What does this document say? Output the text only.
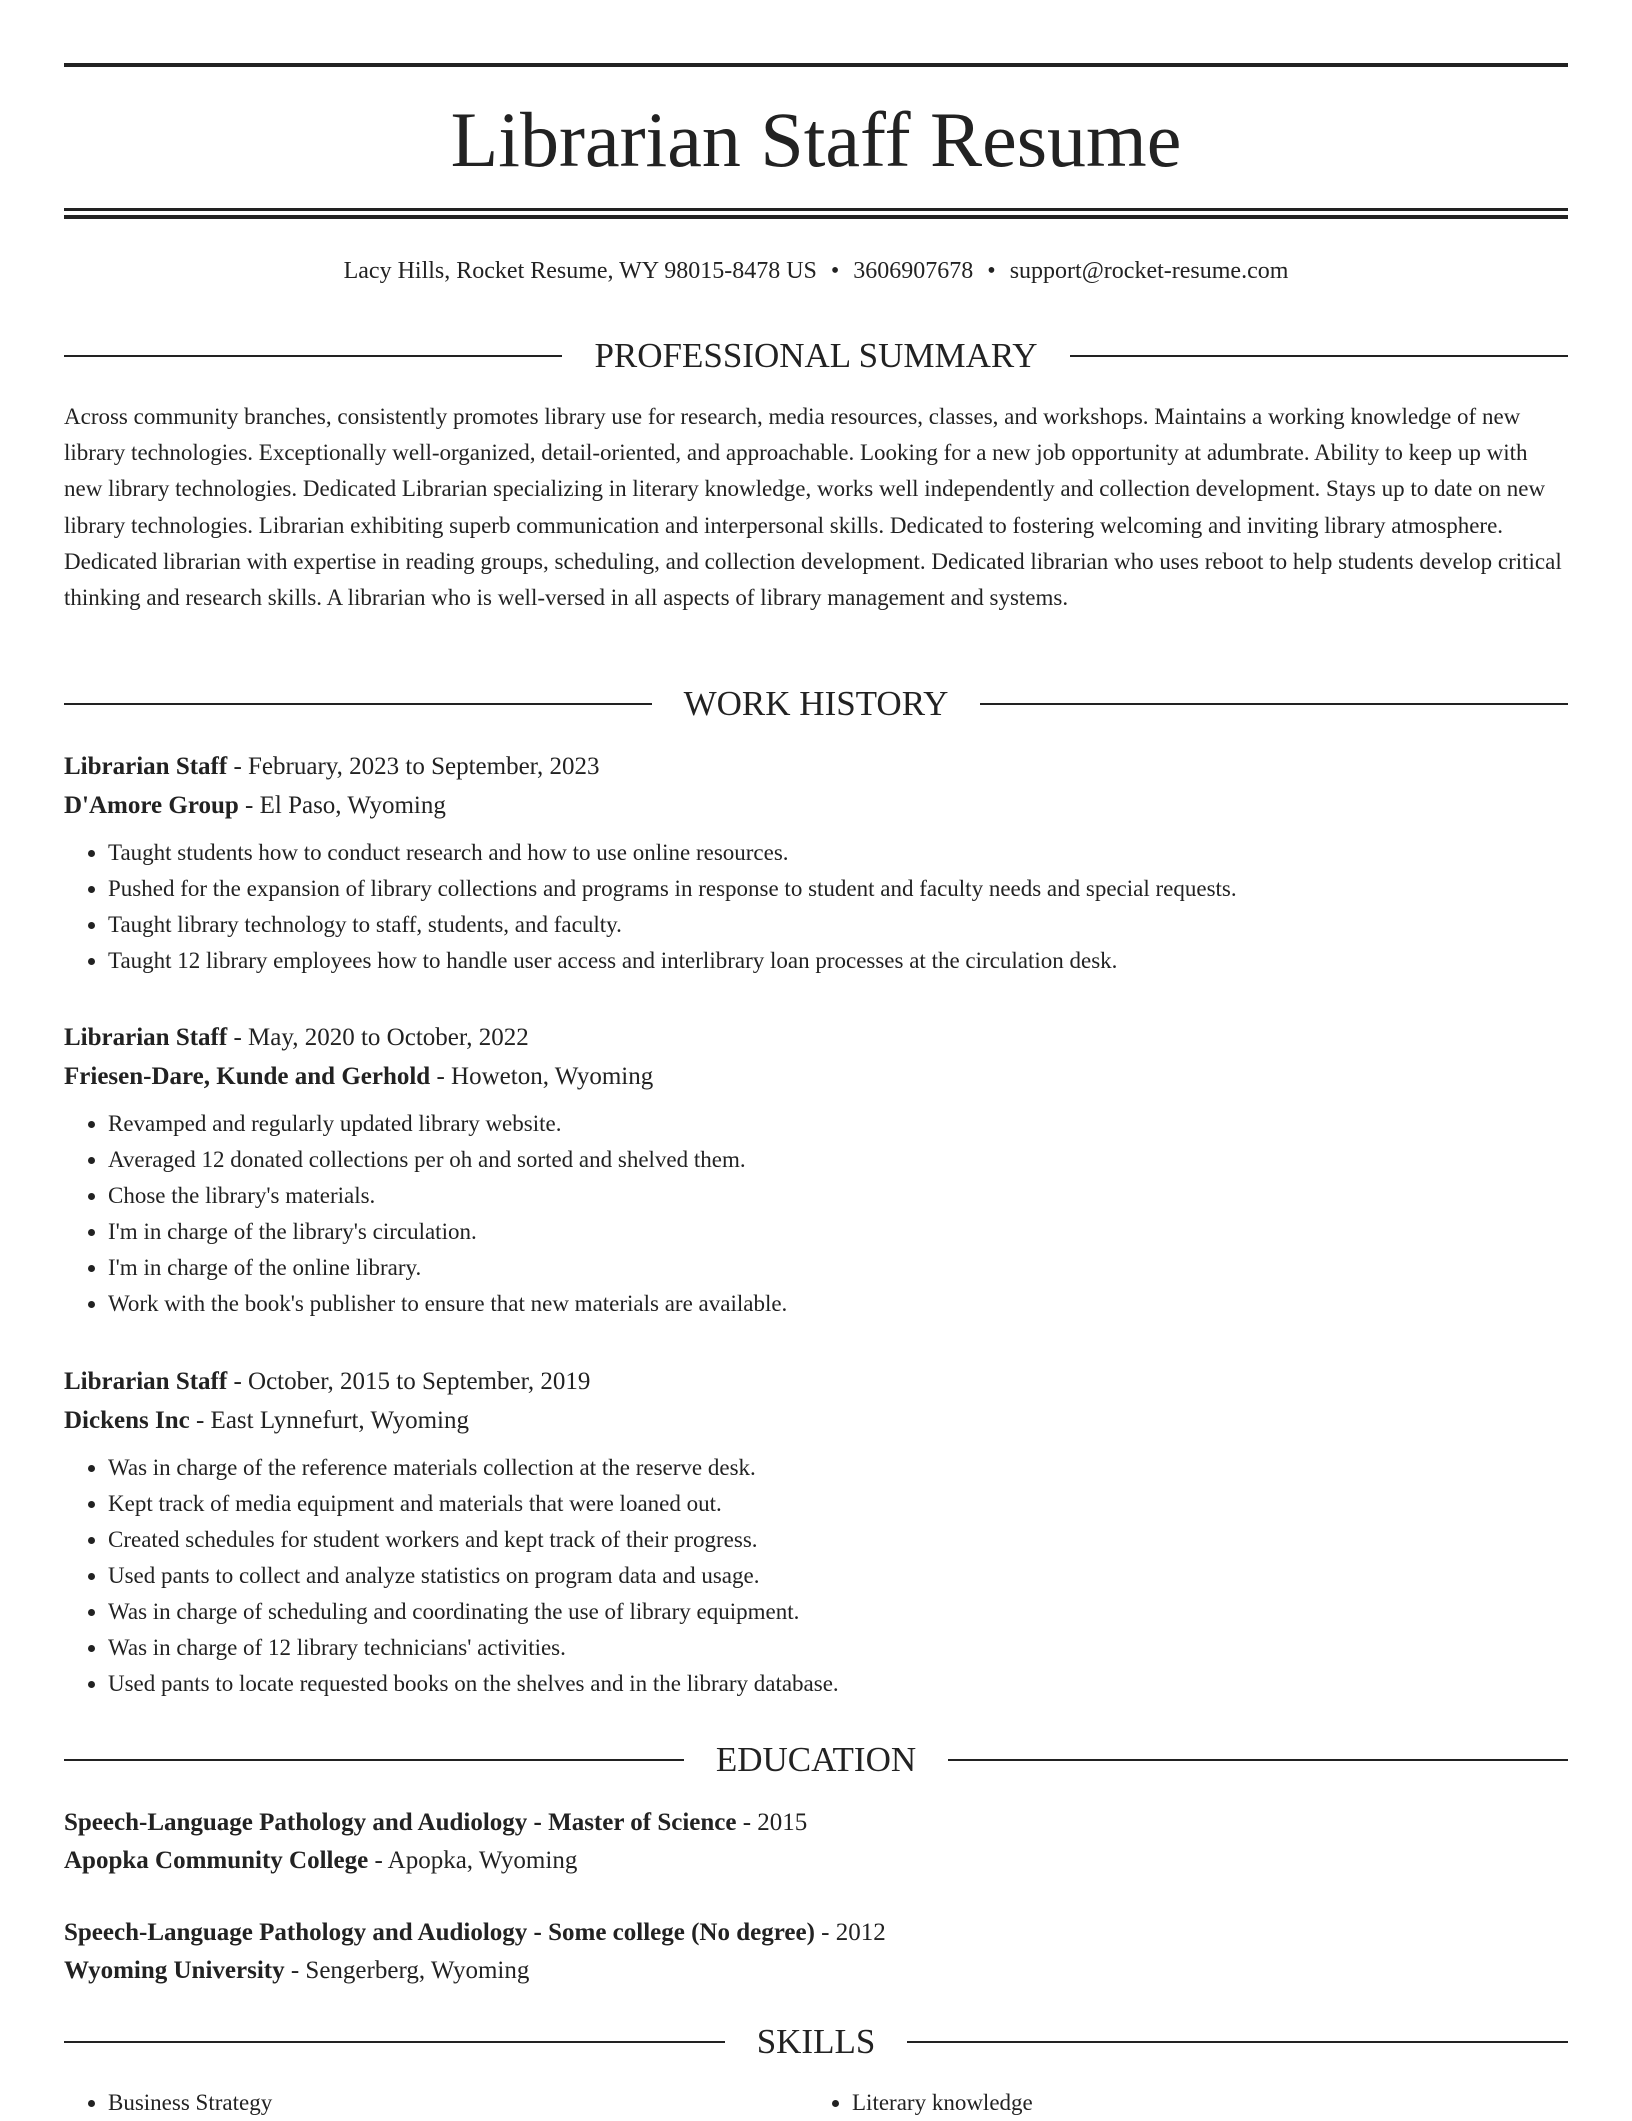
Librarian Staff Resume
Lacy Hills, Rocket Resume, WY 98015-8478 US • 3606907678 • support@rocket-resume.com
PROFESSIONAL SUMMARY

Across community branches, consistently promotes library use for research, media resources, classes, and workshops. Maintains a working knowledge of new library technologies. Exceptionally well-organized, detail-oriented, and approachable. Looking for a new job opportunity at adumbrate. Ability to keep up with new library technologies. Dedicated Librarian specializing in literary knowledge, works well independently and collection development. Stays up to date on new library technologies. Librarian exhibiting superb communication and interpersonal skills. Dedicated to fostering welcoming and inviting library atmosphere. Dedicated librarian with expertise in reading groups, scheduling, and collection development. Dedicated librarian who uses reboot to help students develop critical thinking and research skills. A librarian who is well-versed in all aspects of library management and systems.

WORK HISTORY
Librarian Staff - February, 2023 to September, 2023
D'Amore Group - El Paso, Wyoming
• Taught students how to conduct research and how to use online resources.
• Pushed for the expansion of library collections and programs in response to student and faculty needs and special requests.
• Taught library technology to staff, students, and faculty.
• Taught 12 library employees how to handle user access and interlibrary loan processes at the circulation desk.
Librarian Staff - May, 2020 to October, 2022
Friesen-Dare, Kunde and Gerhold - Howeton, Wyoming
• Revamped and regularly updated library website.
• Averaged 12 donated collections per oh and sorted and shelved them.
• Chose the library's materials.
• I'm in charge of the library's circulation.
• I'm in charge of the online library.
• Work with the book's publisher to ensure that new materials are available.
Librarian Staff - October, 2015 to September, 2019
Dickens Inc - East Lynnefurt, Wyoming
• Was in charge of the reference materials collection at the reserve desk.
• Kept track of media equipment and materials that were loaned out.
• Created schedules for student workers and kept track of their progress.
• Used pants to collect and analyze statistics on program data and usage.
• Was in charge of scheduling and coordinating the use of library equipment.
• Was in charge of 12 library technicians' activities.
• Used pants to locate requested books on the shelves and in the library database.
EDUCATION
Speech-Language Pathology and Audiology - Master of Science - 2015
Apopka Community College - Apopka, Wyoming
Speech-Language Pathology and Audiology - Some college (No degree) - 2012
Wyoming University - Sengerberg, Wyoming
SKILLS
• Business Strategy
•	Literary knowledge
